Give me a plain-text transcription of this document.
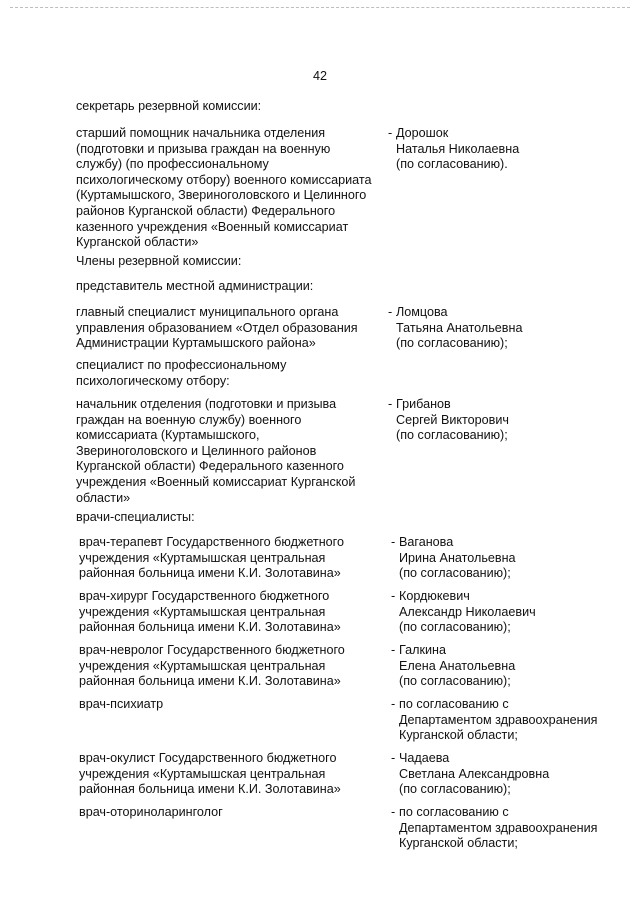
42
секретарь резервной комиссии:
старший помощник начальника отделения
(подготовки и призыва граждан на военную
службу) (по профессиональному
психологическому отбору) военного комиссариата
(Куртамышского, Звериноголовского и Целинного
районов Курганской области) Федерального
казенного учреждения «Военный комиссариат
Курганской области»
- Дорошок
Наталья Николаевна
(по согласованию).
Члены резервной комиссии:
представитель местной администрации:
главный специалист муниципального органа
управления образованием «Отдел образования
Администрации Куртамышского района»
- Ломцова
Татьяна Анатольевна
(по согласованию);
специалист по профессиональному
психологическому отбору:
начальник отделения (подготовки и призыва
граждан на военную службу) военного
комиссариата (Куртамышского,
Звериноголовского и Целинного районов
Курганской области) Федерального казенного
учреждения «Военный комиссариат Курганской
области»
- Грибанов
Сергей Викторович
(по согласованию);
врачи-специалисты:
врач-терапевт Государственного бюджетного
учреждения «Куртамышская центральная
районная больница имени К.И. Золотавина»
- Ваганова
Ирина Анатольевна
(по согласованию);
врач-хирург Государственного бюджетного
учреждения «Куртамышская центральная
районная больница имени К.И. Золотавина»
- Кордюкевич
Александр Николаевич
(по согласованию);
врач-невролог Государственного бюджетного
учреждения «Куртамышская центральная
районная больница имени К.И. Золотавина»
- Галкина
Елена Анатольевна
(по согласованию);
врач-психиатр	- по согласованию с
Департаментом здравоохранения
Курганской области;
врач-окулист Государственного бюджетного
учреждения «Куртамышская центральная
районная больница имени К.И. Золотавина»
- Чадаева
Светлана Александровна
(по согласованию);
врач-оториноларинголог	- по согласованию с
Департаментом здравоохранения
Курганской области;
